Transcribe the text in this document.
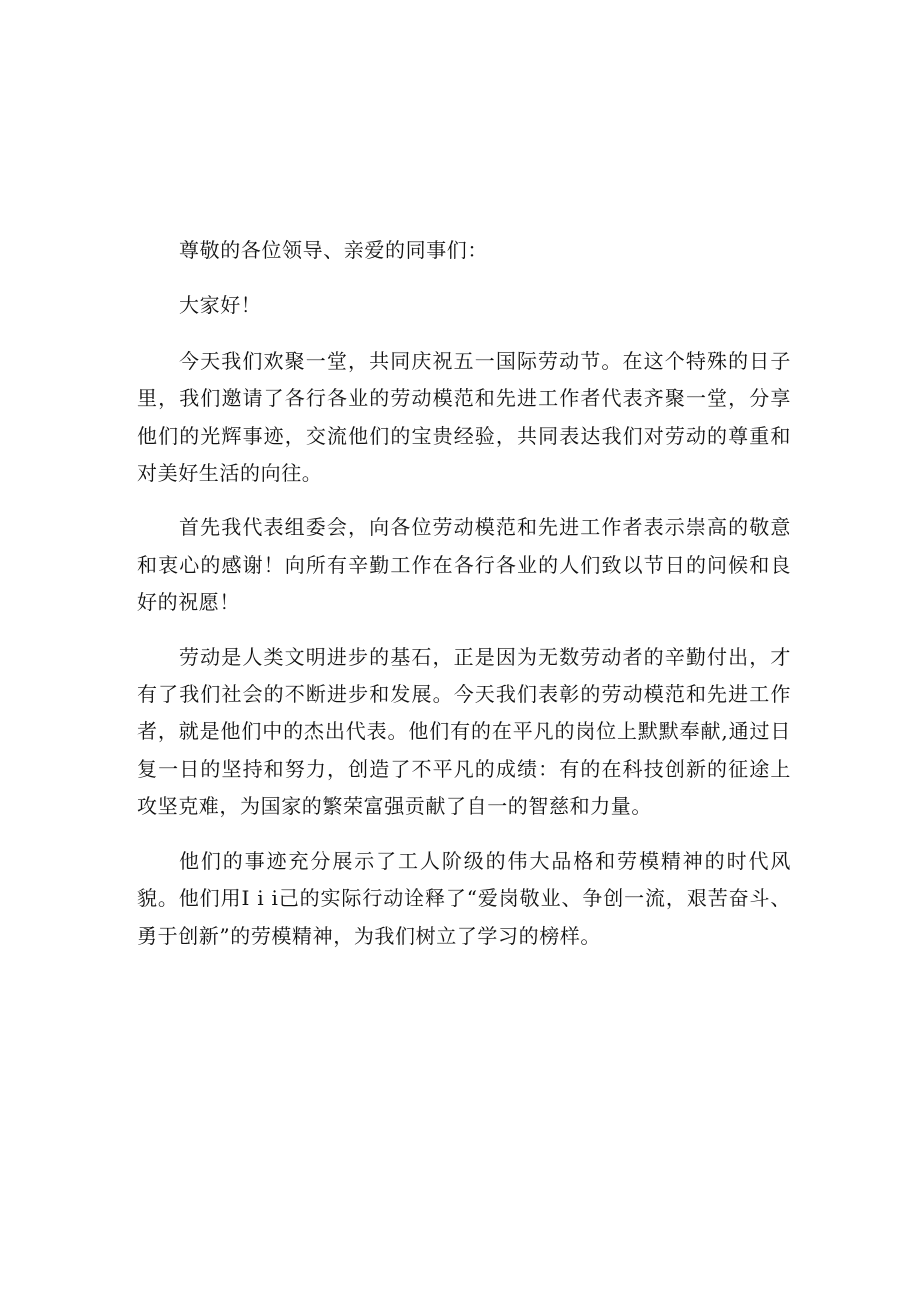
尊敬的各位领导、亲爱的同事们：

大家好！

今天我们欢聚一堂，共同庆祝五一国际劳动节。在这个特殊的日子里，我们邀请了各行各业的劳动模范和先进工作者代表齐聚一堂，分享他们的光辉事迹，交流他们的宝贵经验，共同表达我们对劳动的尊重和对美好生活的向往。

首先我代表组委会，向各位劳动模范和先进工作者表示崇高的敬意和衷心的感谢！向所有辛勤工作在各行各业的人们致以节日的问候和良好的祝愿！

劳动是人类文明进步的基石，正是因为无数劳动者的辛勤付出，才有了我们社会的不断进步和发展。今天我们表彰的劳动模范和先进工作者，就是他们中的杰出代表。他们有的在平凡的岗位上默默奉献,通过日复一日的坚持和努力，创造了不平凡的成绩：有的在科技创新的征途上攻坚克难，为国家的繁荣富强贡献了自一的智慈和力量。

他们的事迹充分展示了工人阶级的伟大品格和劳模精神的时代风貌。他们用I i i己的实际行动诠释了“爱岗敬业、争创一流，艰苦奋斗、勇于创新”的劳模精神，为我们树立了学习的榜样。
